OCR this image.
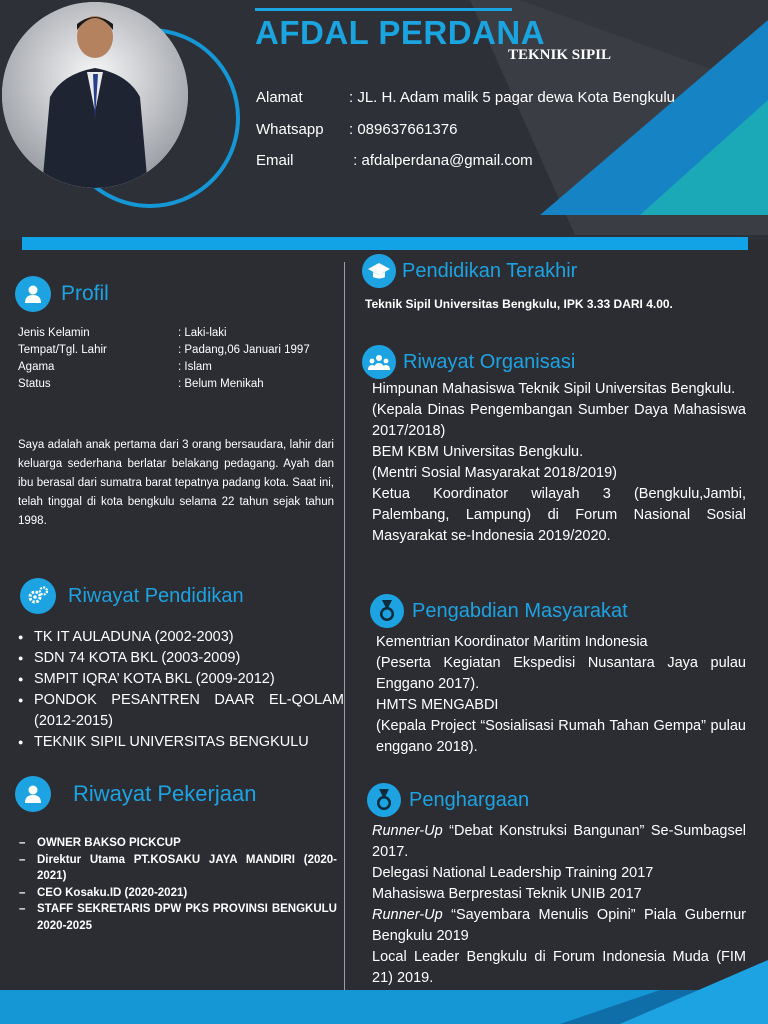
AFDAL PERDANA
TEKNIK SIPIL
Alamat	: JL. H. Adam malik 5 pagar dewa Kota Bengkulu
Whatsapp : 089637661376
Email	: afdalperdana@gmail.com
Profil
Jenis Kelamin	: Laki-laki
Tempat/Tgl. Lahir	: Padang,06 Januari 1997
Agama	: Islam
Status	: Belum Menikah
Saya adalah anak pertama dari 3 orang bersaudara, lahir dari keluarga sederhana berlatar belakang pedagang. Ayah dan ibu berasal dari sumatra barat tepatnya padang kota. Saat ini, telah tinggal di kota bengkulu selama 22 tahun sejak tahun 1998.
Riwayat Pendidikan
● TK IT AULADUNA (2002-2003)
● SDN 74 KOTA BKL (2003-2009)
● SMPIT IQRA’ KOTA BKL (2009-2012)
● PONDOK PESANTREN DAAR EL-QOLAM (2012-2015)
● TEKNIK SIPIL UNIVERSITAS BENGKULU
Riwayat Pekerjaan
– OWNER BAKSO PICKCUP
– Direktur Utama PT.KOSAKU JAYA MANDIRI (2020-2021)
– CEO Kosaku.ID (2020-2021)
– STAFF SEKRETARIS DPW PKS PROVINSI BENGKULU 2020-2025
Pendidikan Terakhir
Teknik Sipil Universitas Bengkulu, IPK 3.33 DARI 4.00.
Riwayat Organisasi

Himpunan Mahasiswa Teknik Sipil Universitas Bengkulu.

(Kepala Dinas Pengembangan Sumber Daya Mahasiswa 2017/2018)

BEM KBM Universitas Bengkulu.

(Mentri Sosial Masyarakat 2018/2019)

Ketua Koordinator wilayah 3 (Bengkulu,Jambi, Palembang, Lampung) di Forum Nasional Sosial Masyarakat se-Indonesia 2019/2020.

Pengabdian Masyarakat

Kementrian Koordinator Maritim Indonesia

(Peserta Kegiatan Ekspedisi Nusantara Jaya pulau Enggano 2017).

HMTS MENGABDI

(Kepala Project “Sosialisasi Rumah Tahan Gempa” pulau enggano 2018).

Penghargaan

Runner-Up “Debat Konstruksi Bangunan” Se-Sumbagsel 2017.

Delegasi National Leadership Training 2017

Mahasiswa Berprestasi Teknik UNIB 2017

Runner-Up “Sayembara Menulis Opini” Piala Gubernur Bengkulu 2019

Local Leader Bengkulu di Forum Indonesia Muda (FIM 21) 2019.
